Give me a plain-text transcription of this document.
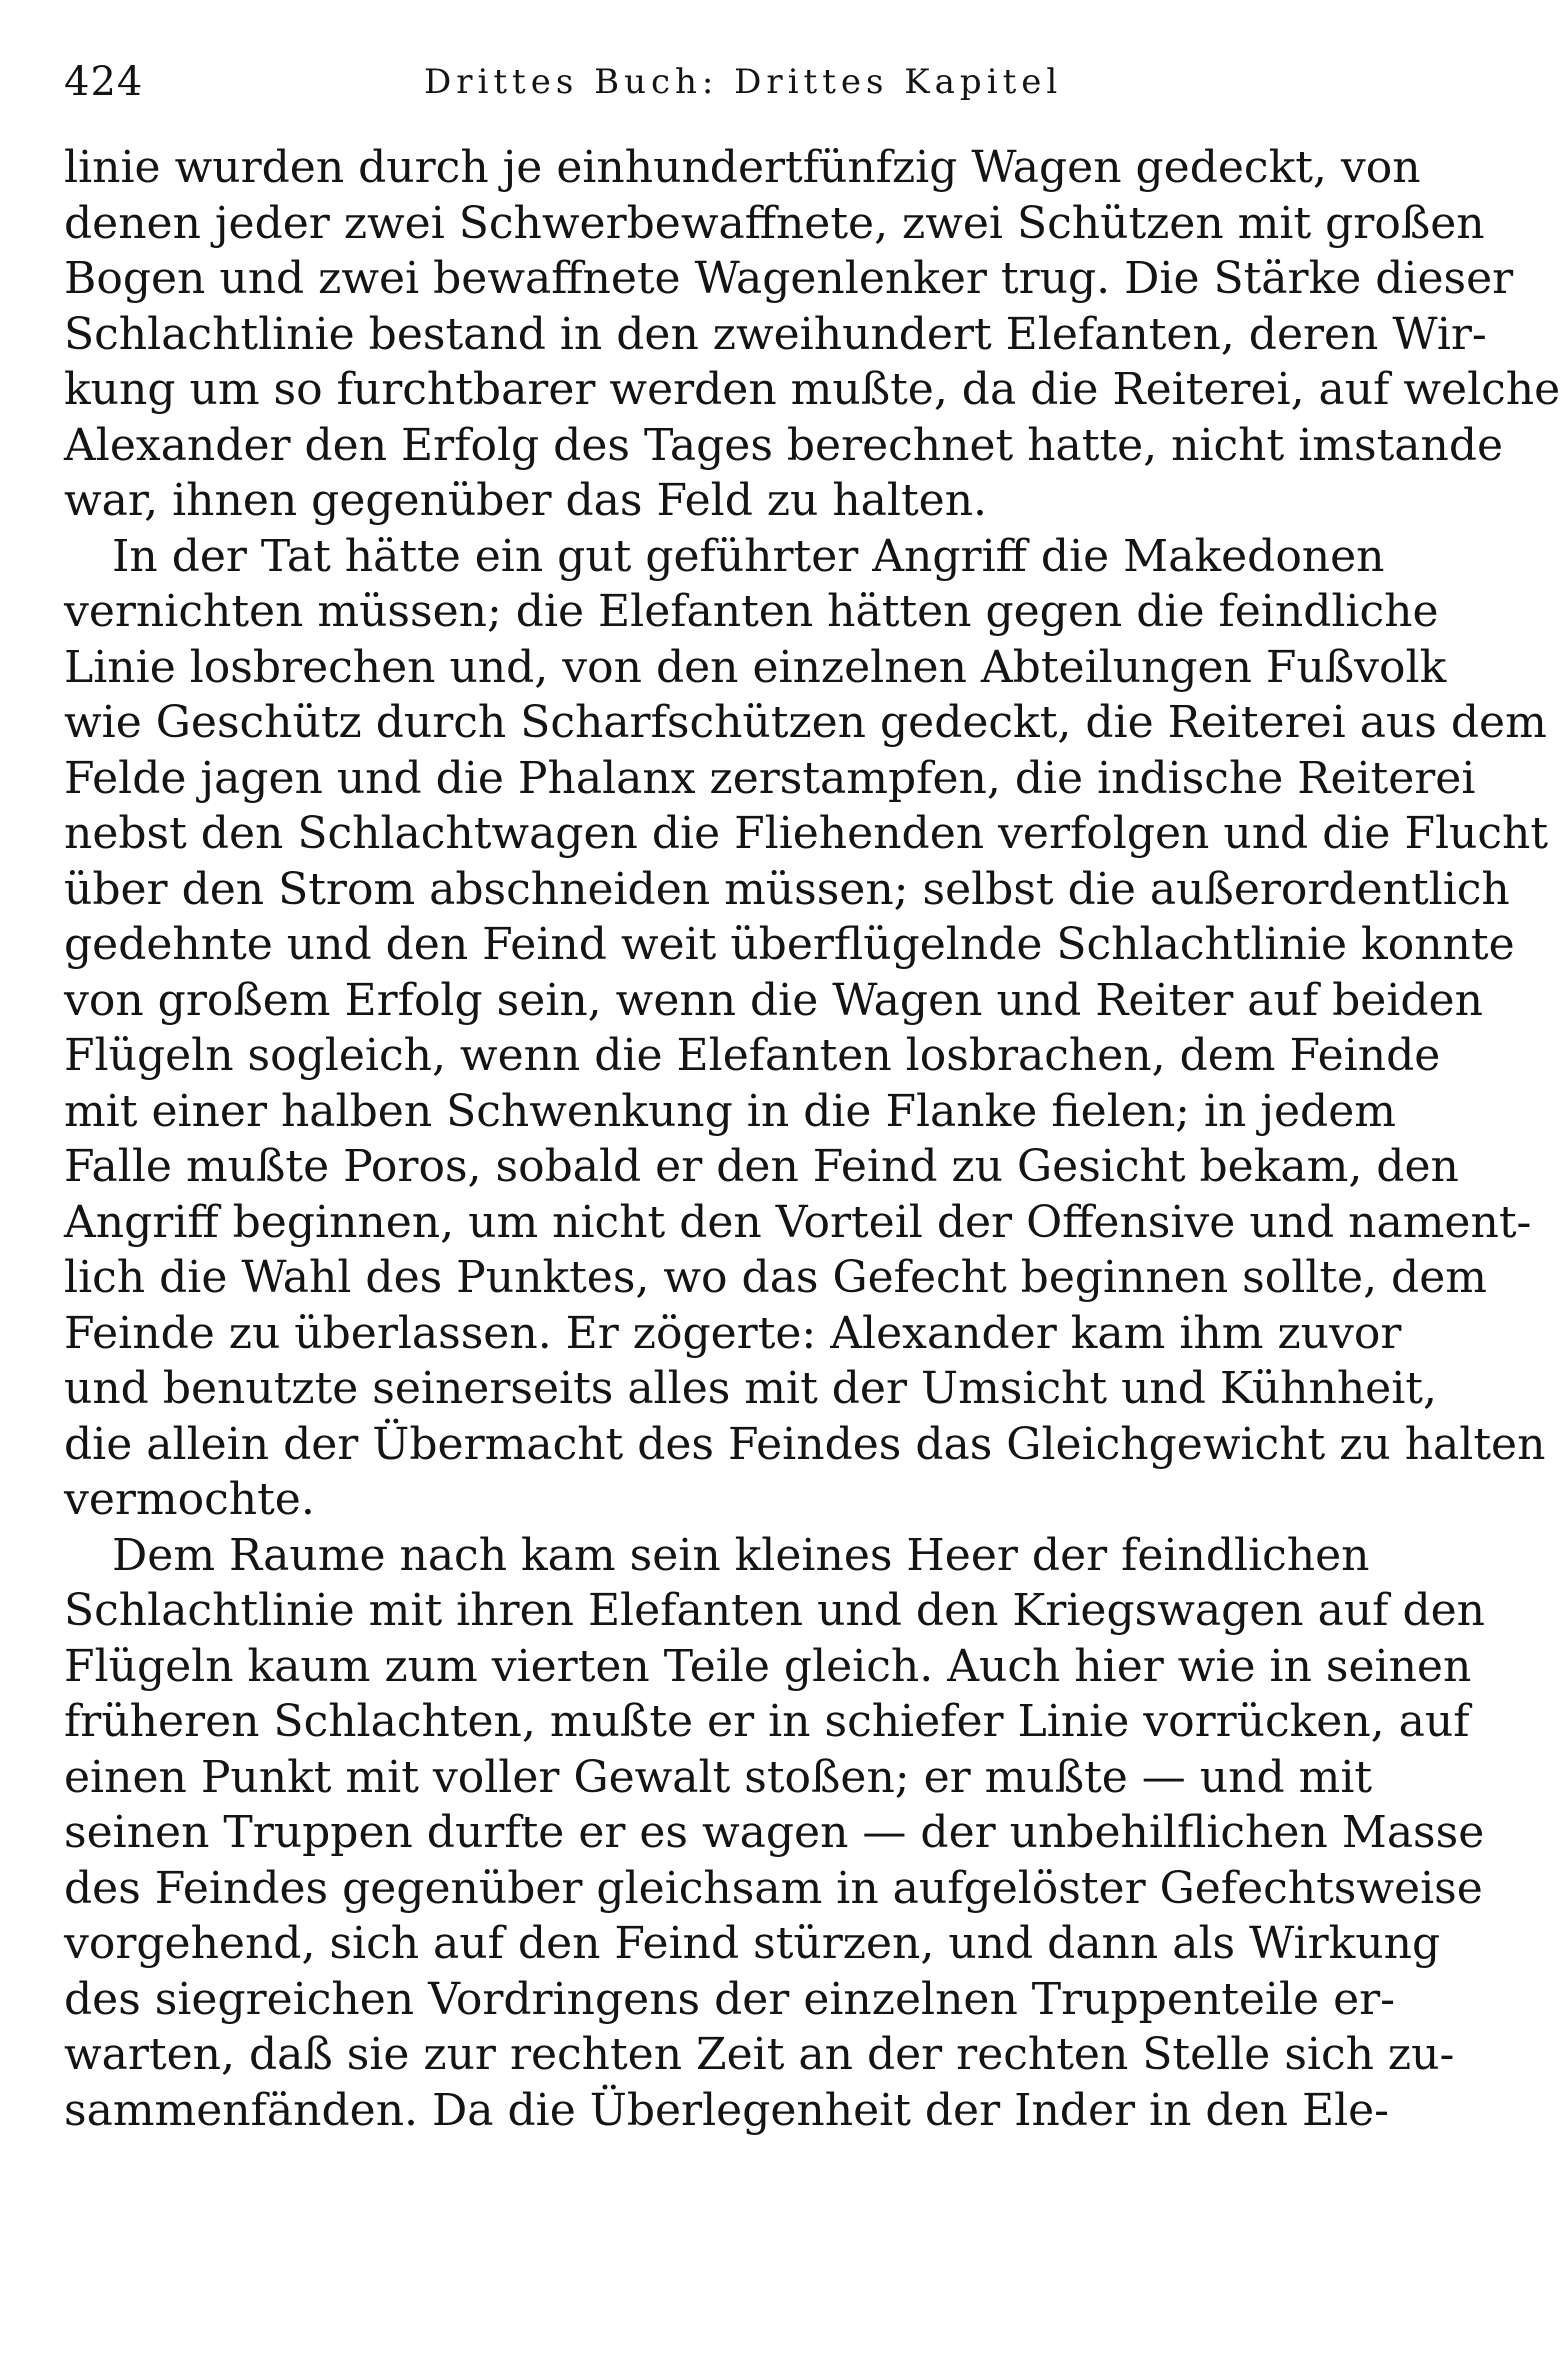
424	Drittes Buch: Drittes Kapitel
linie wurden durch je einhundertfünfzig Wagen gedeckt, von
denen jeder zwei Schwerbewaffnete, zwei Schützen mit großen
Bogen und zwei bewaffnete Wagenlenker trug. Die Stärke dieser
Schlachtlinie bestand in den zweihundert Elefanten, deren Wir-
kung um so furchtbarer werden mußte, da die Reiterei, auf welche
Alexander den Erfolg des Tages berechnet hatte, nicht imstande
war, ihnen gegenüber das Feld zu halten.
In der Tat hätte ein gut geführter Angriff die Makedonen
vernichten müssen; die Elefanten hätten gegen die feindliche
Linie losbrechen und, von den einzelnen Abteilungen Fußvolk
wie Geschütz durch Scharfschützen gedeckt, die Reiterei aus dem
Felde jagen und die Phalanx zerstampfen, die indische Reiterei
nebst den Schlachtwagen die Fliehenden verfolgen und die Flucht
über den Strom abschneiden müssen; selbst die außerordentlich
gedehnte und den Feind weit überflügelnde Schlachtlinie konnte
von großem Erfolg sein, wenn die Wagen und Reiter auf beiden
Flügeln sogleich, wenn die Elefanten losbrachen, dem Feinde
mit einer halben Schwenkung in die Flanke fielen; in jedem
Falle mußte Poros, sobald er den Feind zu Gesicht bekam, den
Angriff beginnen, um nicht den Vorteil der Offensive und nament-
lich die Wahl des Punktes, wo das Gefecht beginnen sollte, dem
Feinde zu überlassen. Er zögerte: Alexander kam ihm zuvor
und benutzte seinerseits alles mit der Umsicht und Kühnheit,
die allein der Übermacht des Feindes das Gleichgewicht zu halten
vermochte.
Dem Raume nach kam sein kleines Heer der feindlichen
Schlachtlinie mit ihren Elefanten und den Kriegswagen auf den
Flügeln kaum zum vierten Teile gleich. Auch hier wie in seinen
früheren Schlachten, mußte er in schiefer Linie vorrücken, auf
einen Punkt mit voller Gewalt stoßen; er mußte — und mit
seinen Truppen durfte er es wagen — der unbehilflichen Masse
des Feindes gegenüber gleichsam in aufgelöster Gefechtsweise
vorgehend, sich auf den Feind stürzen, und dann als Wirkung
des siegreichen Vordringens der einzelnen Truppenteile er-
warten, daß sie zur rechten Zeit an der rechten Stelle sich zu-
sammenfänden. Da die Überlegenheit der Inder in den Ele-
